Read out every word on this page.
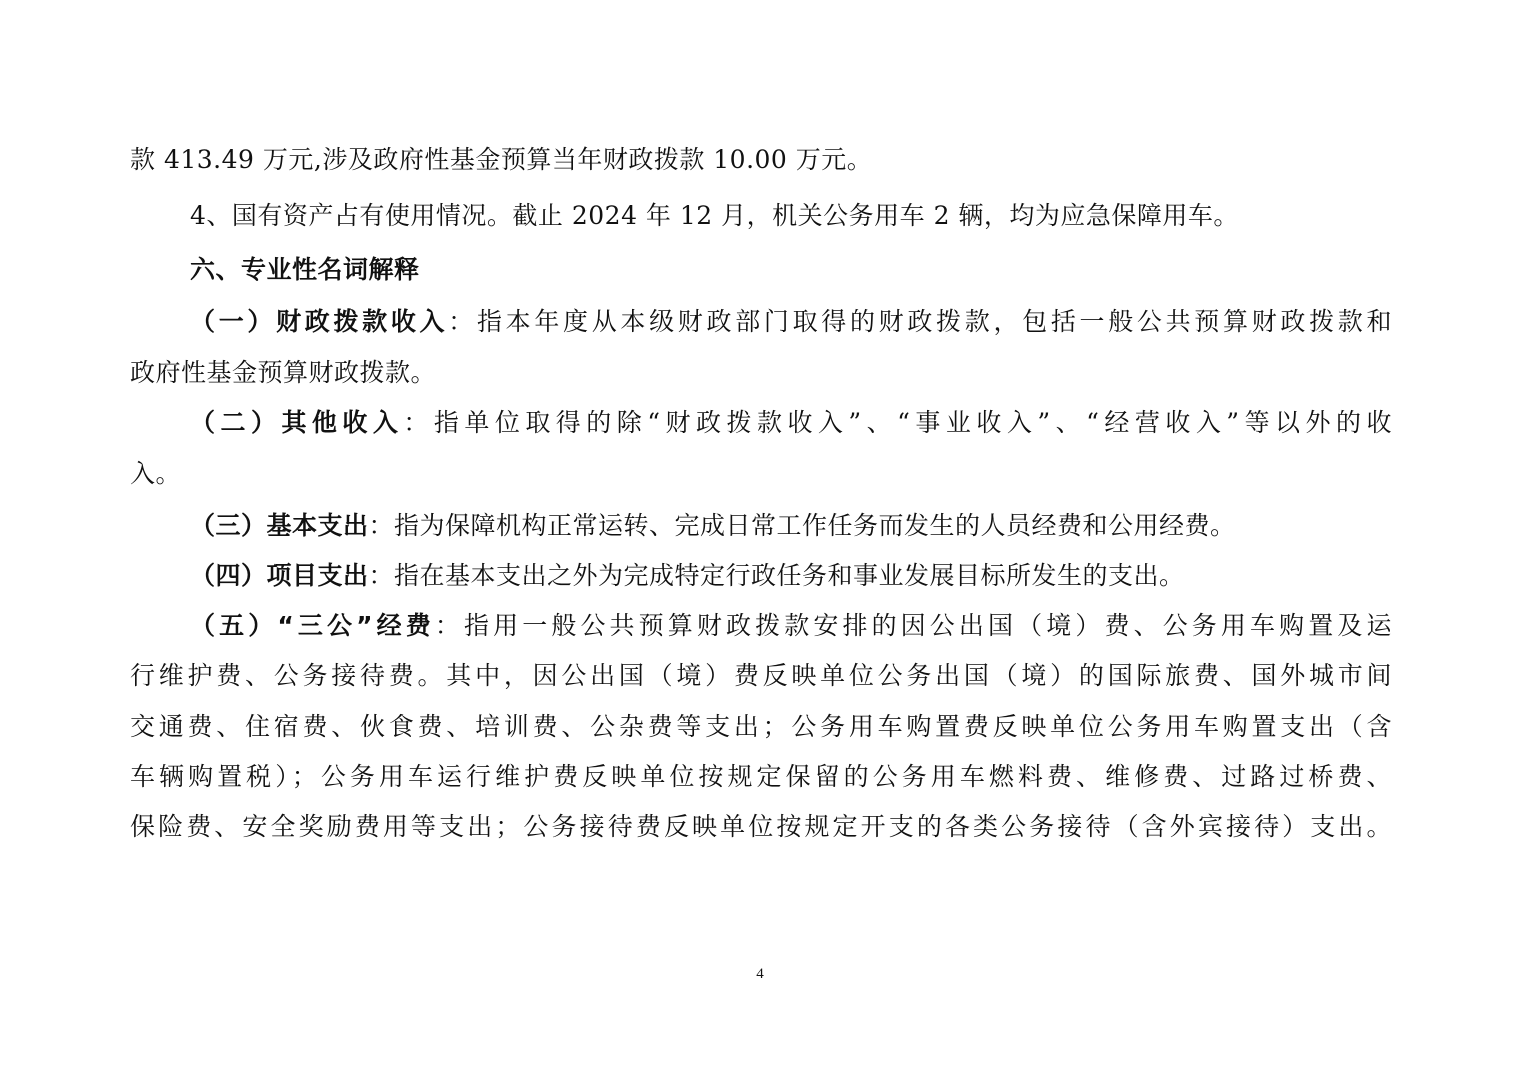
款 413.49 万元,涉及政府性基金预算当年财政拨款 10.00 万元。
4、国有资产占有使用情况。截止 2024 年 12 月，机关公务用车 2 辆，均为应急保障用车。
六、专业性名词解释
（一）财政拨款收入：指本年度从本级财政部门取得的财政拨款，包括一般公共预算财政拨款和
政府性基金预算财政拨款。
（二）其他收入：指单位取得的除“财政拨款收入”、“事业收入”、“经营收入”等以外的收
入。
（三）基本支出：指为保障机构正常运转、完成日常工作任务而发生的人员经费和公用经费。
（四）项目支出：指在基本支出之外为完成特定行政任务和事业发展目标所发生的支出。
（五）“三公”经费：指用一般公共预算财政拨款安排的因公出国（境）费、公务用车购置及运
行维护费、公务接待费。其中，因公出国（境）费反映单位公务出国（境）的国际旅费、国外城市间
交通费、住宿费、伙食费、培训费、公杂费等支出；公务用车购置费反映单位公务用车购置支出（含
车辆购置税）；公务用车运行维护费反映单位按规定保留的公务用车燃料费、维修费、过路过桥费、
保险费、安全奖励费用等支出；公务接待费反映单位按规定开支的各类公务接待（含外宾接待）支出。
4
